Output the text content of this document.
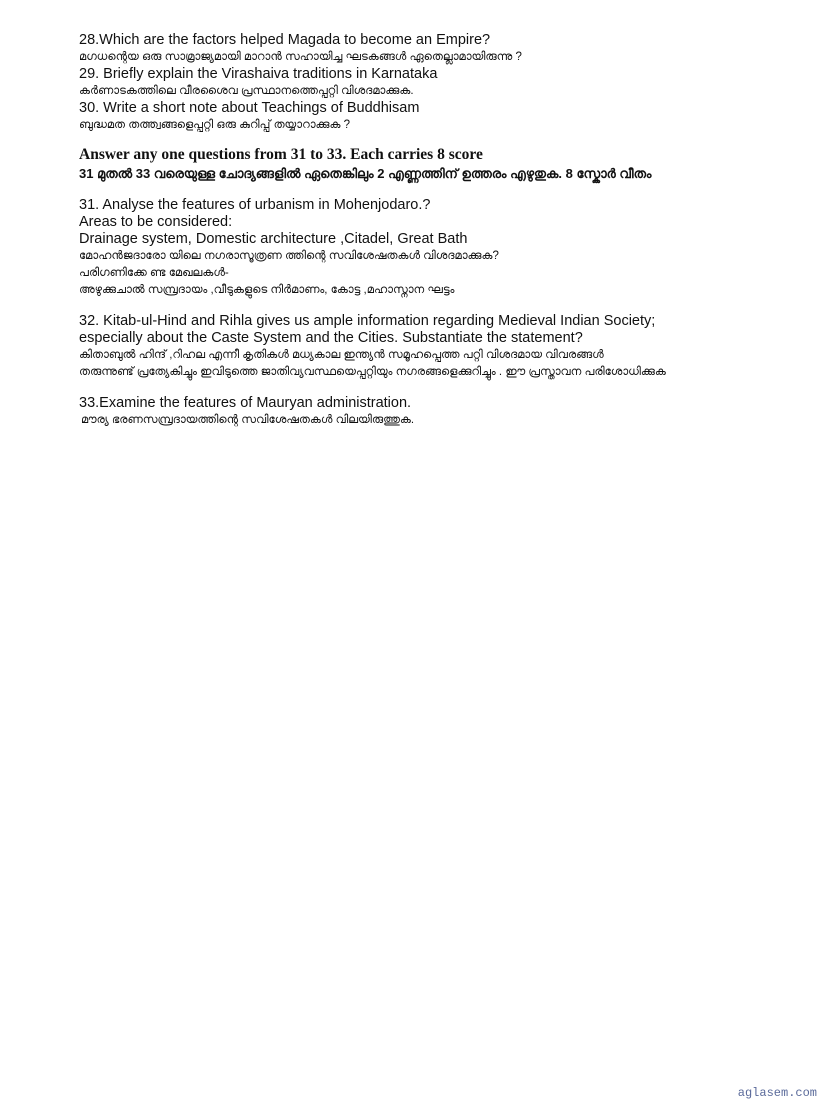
28.Which are the factors helped Magada to become an Empire?

മഗധന്റെയ ഒരു സാമ്രാജ്യമായി മാറാൻ സഹായിച്ച ഘടകങ്ങൾ ഏതെല്ലാമായിരുന്നു ?

29. Briefly explain the Virashaiva traditions in Karnataka

കർണാടകത്തിലെ വീരശൈവ പ്രസ്ഥാനത്തെപ്പറ്റി വിശദമാക്കുക.

30. Write a short note about Teachings of Buddhisam

ബുദ്ധമത തത്ത്വങ്ങളെപ്പറ്റി ഒരു കുറിപ്പ് തയ്യാറാക്കുക ?

Answer any one questions from 31 to 33. Each carries 8 score

31 മുതൽ 33 വരെയുള്ള ചോദ്യങ്ങളിൽ ഏതെങ്കിലും 2 എണ്ണത്തിന് ഉത്തരം എഴുതുക. 8 സ്കോർ വീതം

31. Analyse the features of urbanism in Mohenjodaro.?

Areas to be considered:

Drainage system, Domestic architecture ,Citadel, Great Bath

മോഹൻജദാരോ യിലെ നഗരാസൂത്രണ ത്തിന്റെ സവിശേഷതകൾ വിശദമാക്കുക?

പരിഗണിക്കേ ണ്ട മേഖലകൾ-

അഴുക്കുചാൽ സമ്പ്രദായം ,വീടുകളുടെ നിർമാണം, കോട്ട ,മഹാസ്നാന ഘട്ടം

32. Kitab-ul-Hind and Rihla gives us ample information regarding Medieval Indian Society;

especially about the Caste System and the Cities. Substantiate the statement?

കിതാബുൽ ഹിന്ദ് ,റിഹല എന്നീ കൃതികൾ മധ്യകാല ഇന്ത്യൻ സമൂഹപ്പെത്ത പറ്റി വിശദമായ വിവരങ്ങൾ

തരുന്നുണ്ട് പ്രത്യേകിച്ചും ഇവിടുത്തെ ജാതിവ്യവസ്ഥയെപ്പറ്റിയും നഗരങ്ങളെക്കുറിച്ചും . ഈ പ്രസ്താവന പരിശോധിക്കുക

33.Examine the features of Mauryan administration.

മൗര്യ ഭരണസമ്പ്രദായത്തിന്റെ സവിശേഷതകൾ വിലയിരുത്തുക.

aglasem.com
